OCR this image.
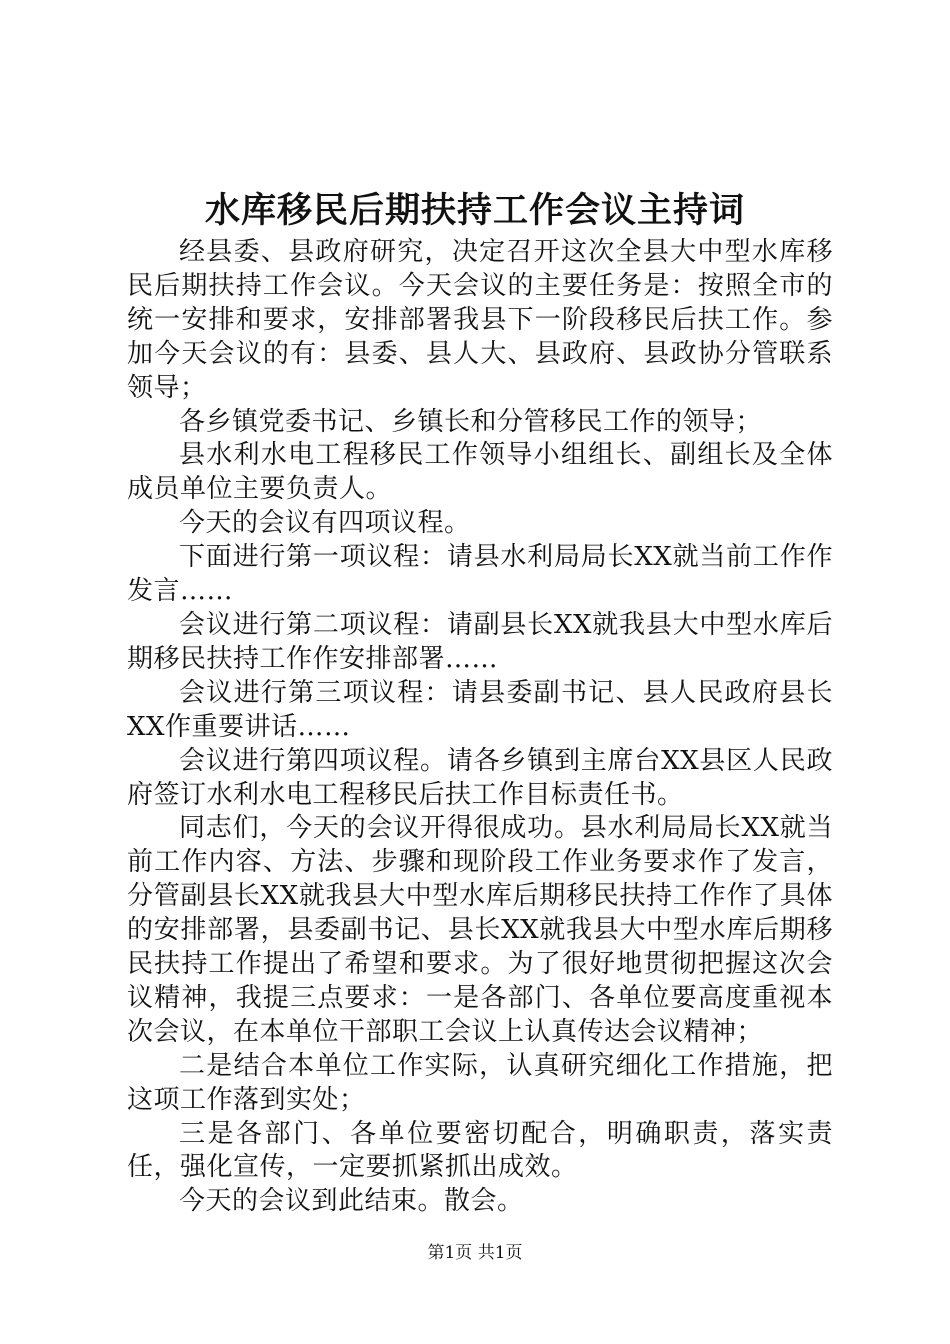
水库移民后期扶持工作会议主持词

经县委、县政府研究，决定召开这次全县大中型水库移民后期扶持工作会议。今天会议的主要任务是：按照全市的统一安排和要求，安排部署我县下一阶段移民后扶工作。参加今天会议的有：县委、县人大、县政府、县政协分管联系领导；

各乡镇党委书记、乡镇长和分管移民工作的领导；

县水利水电工程移民工作领导小组组长、副组长及全体成员单位主要负责人。

今天的会议有四项议程。

下面进行第一项议程：请县水利局局长XX就当前工作作发言……

会议进行第二项议程：请副县长XX就我县大中型水库后期移民扶持工作作安排部署……

会议进行第三项议程：请县委副书记、县人民政府县长XX作重要讲话……

会议进行第四项议程。请各乡镇到主席台XX县区人民政府签订水利水电工程移民后扶工作目标责任书。

同志们，今天的会议开得很成功。县水利局局长XX就当前工作内容、方法、步骤和现阶段工作业务要求作了发言，分管副县长XX就我县大中型水库后期移民扶持工作作了具体的安排部署，县委副书记、县长XX就我县大中型水库后期移民扶持工作提出了希望和要求。为了很好地贯彻把握这次会议精神，我提三点要求：一是各部门、各单位要高度重视本次会议，在本单位干部职工会议上认真传达会议精神；

二是结合本单位工作实际，认真研究细化工作措施，把这项工作落到实处；

三是各部门、各单位要密切配合，明确职责，落实责任，强化宣传，一定要抓紧抓出成效。

今天的会议到此结束。散会。

第1页 共1页
